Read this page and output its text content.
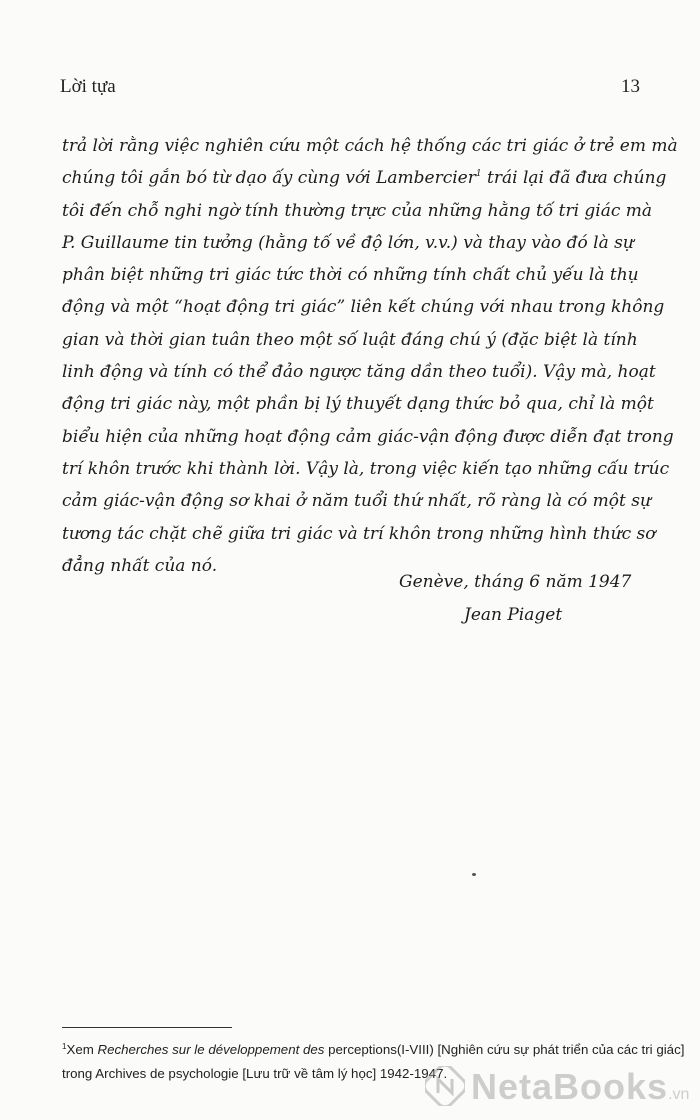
Lời tựa	13
trả lời rằng việc nghiên cứu một cách hệ thống các tri giác ở trẻ em mà
chúng tôi gắn bó từ dạo ấy cùng với Lambercier$^1$ trái lại đã đưa chúng
tôi đến chỗ nghi ngờ tính thường trực của những hằng tố tri giác mà
P. Guillaume tin tưởng (hằng tố về độ lớn, v.v.) và thay vào đó là sự
phân biệt những tri giác tức thời có những tính chất chủ yếu là thụ
động và một “hoạt động tri giác” liên kết chúng với nhau trong không
gian và thời gian tuân theo một số luật đáng chú ý (đặc biệt là tính
linh động và tính có thể đảo ngược tăng dần theo tuổi). Vậy mà, hoạt
động tri giác này, một phần bị lý thuyết dạng thức bỏ qua, chỉ là một
biểu hiện của những hoạt động cảm giác-vận động được diễn đạt trong
trí khôn trước khi thành lời. Vậy là, trong việc kiến tạo những cấu trúc
cảm giác-vận động sơ khai ở năm tuổi thứ nhất, rõ ràng là có một sự
tương tác chặt chẽ giữa tri giác và trí khôn trong những hình thức sơ
đẳng nhất của nó.
Genève, tháng 6 năm 1947
Jean Piaget
$^1$Xem Recherches sur le développement des perceptions(I-VIII) [Nghiên cứu sự phát triển của các tri giác]
trong Archives de psychologie [Lưu trữ về tâm lý học] 1942-1947. NetaBooks.vn
